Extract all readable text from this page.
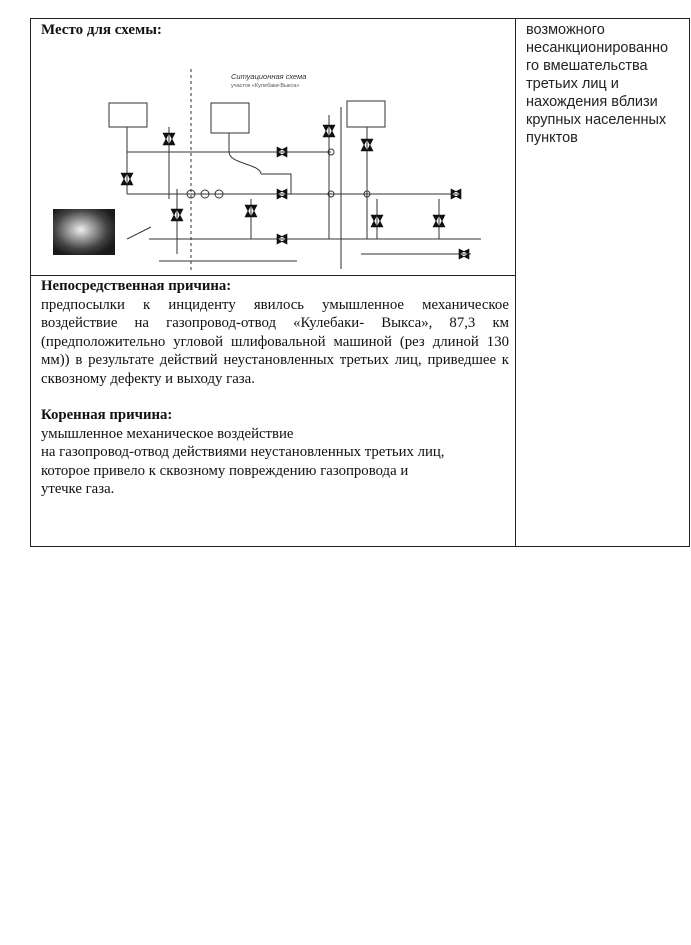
Место для схемы:
Ситуационная схема
участок «Кулебаки-Выкса»
возможного
несанкционированно
го вмешательства
третьих лиц и
нахождения вблизи
крупных населенных
пунктов
Непосредственная причина:
предпосылки к инциденту явилось умышленное механическое воздействие на газопровод-отвод «Кулебаки- Выкса», 87,3 км (предположительно угловой шлифовальной машиной (рез длиной 130 мм)) в результате действий неустановленных третьих лиц, приведшее к сквозному дефекту и выходу газа.
Коренная причина:
умышленное механическое воздействие
на газопровод-отвод действиями неустановленных третьих лиц,
которое привело к сквозному повреждению газопровода и
утечке газа.
